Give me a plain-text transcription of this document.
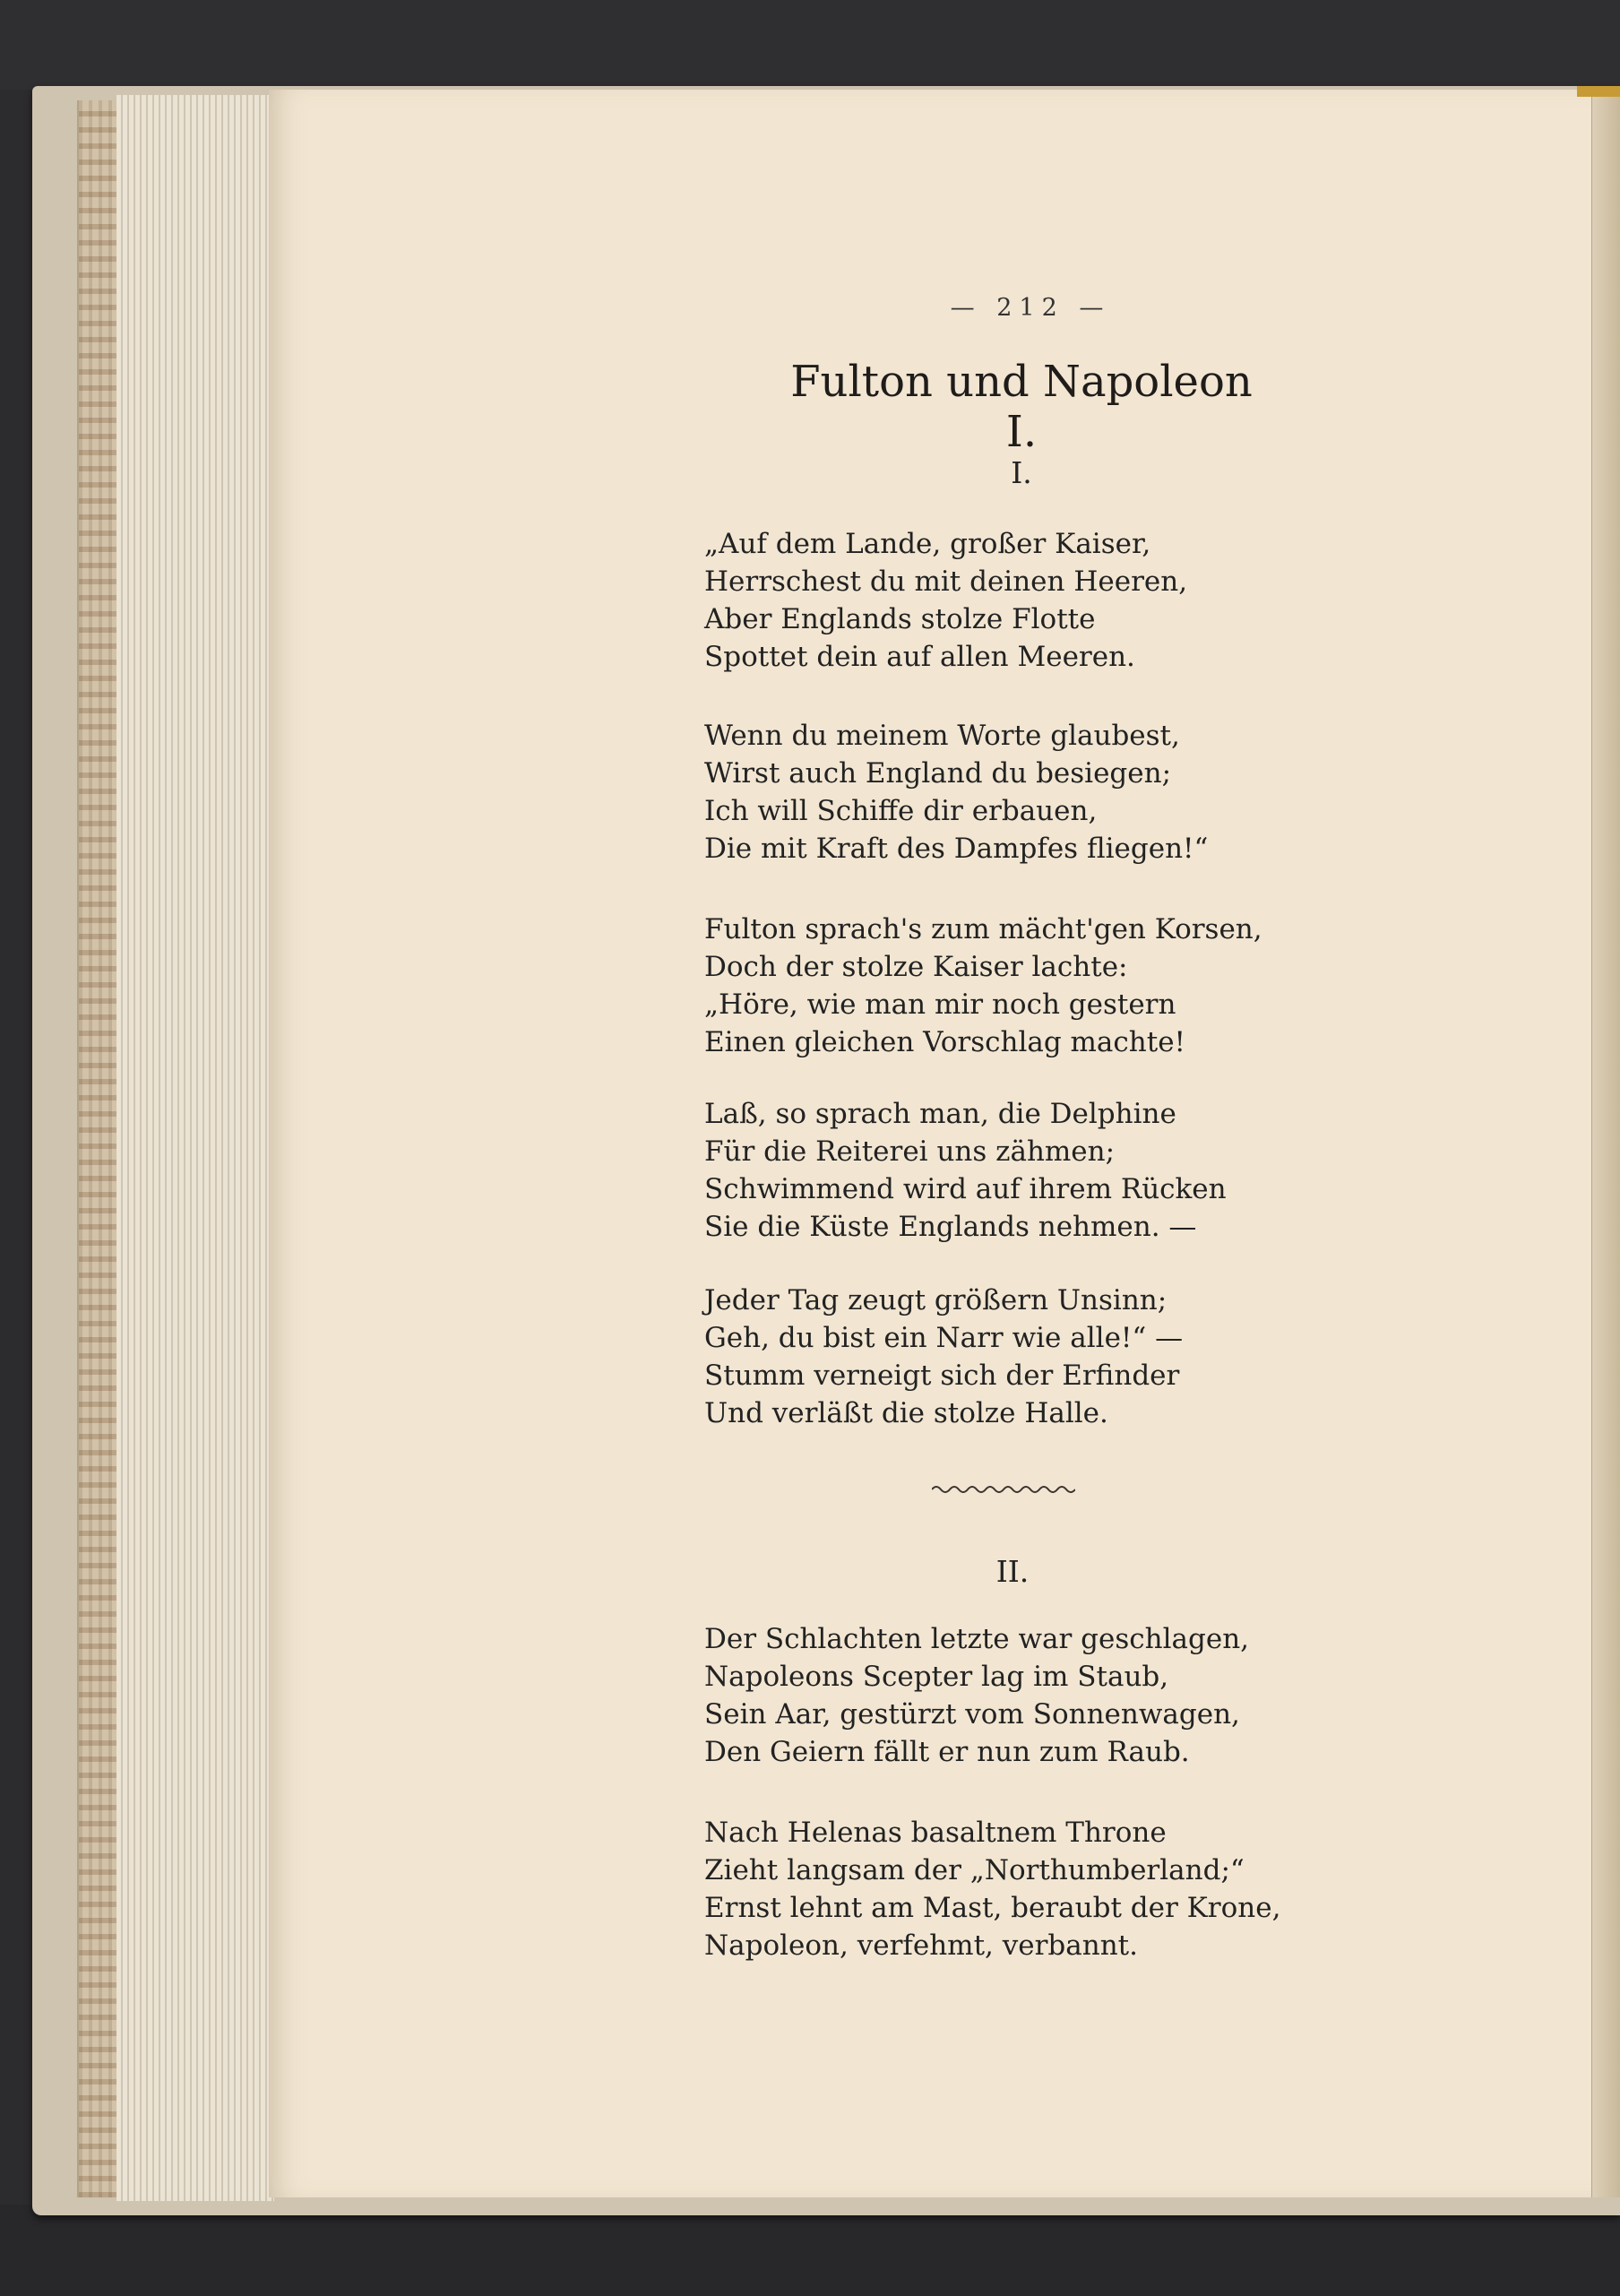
— 212 —
Fulton und Napoleon I.
I.
„Auf dem Lande, großer Kaiser,
Herrschest du mit deinen Heeren,
Aber Englands stolze Flotte
Spottet dein auf allen Meeren.
Wenn du meinem Worte glaubest,
Wirst auch England du besiegen;
Ich will Schiffe dir erbauen,
Die mit Kraft des Dampfes fliegen!“
Fulton sprach's zum mächt'gen Korsen,
Doch der stolze Kaiser lachte:
„Höre, wie man mir noch gestern
Einen gleichen Vorschlag machte!
Laß, so sprach man, die Delphine
Für die Reiterei uns zähmen;
Schwimmend wird auf ihrem Rücken
Sie die Küste Englands nehmen. —
Jeder Tag zeugt größern Unsinn;
Geh, du bist ein Narr wie alle!“ —
Stumm verneigt sich der Erfinder
Und verläßt die stolze Halle.
II.
Der Schlachten letzte war geschlagen,
Napoleons Scepter lag im Staub,
Sein Aar, gestürzt vom Sonnenwagen,
Den Geiern fällt er nun zum Raub.
Nach Helenas basaltnem Throne
Zieht langsam der „Northumberland;“
Ernst lehnt am Mast, beraubt der Krone,
Napoleon, verfehmt, verbannt.
